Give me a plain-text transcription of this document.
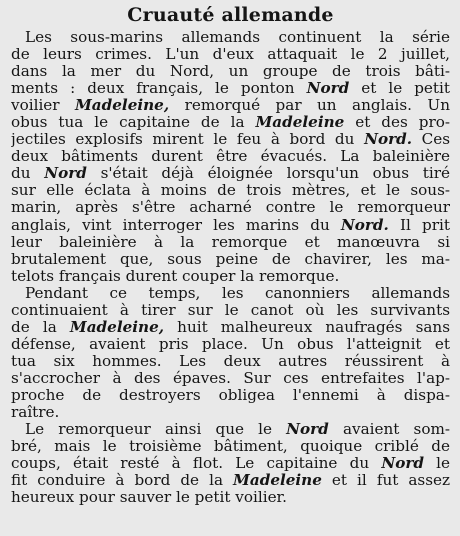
Cruauté allemande
Les sous-marins allemands continuent la série
de leurs crimes. L'un d'eux attaquait le 2 juillet,
dans la mer du Nord, un groupe de trois bâti-
ments : deux français, le ponton Nord et le petit
voilier Madeleine, remorqué par un anglais. Un
obus tua le capitaine de la Madeleine et des pro-
jectiles explosifs mirent le feu à bord du Nord. Ces
deux bâtiments durent être évacués. La baleinière
du Nord s'était déjà éloignée lorsqu'un obus tiré
sur elle éclata à moins de trois mètres, et le sous-
marin, après s'être acharné contre le remorqueur
anglais, vint interroger les marins du Nord. Il prit
leur baleinière à la remorque et manœuvra si
brutalement que, sous peine de chavirer, les ma-
telots français durent couper la remorque.
Pendant ce temps, les canonniers allemands
continuaient à tirer sur le canot où les survivants
de la Madeleine, huit malheureux naufragés sans
défense, avaient pris place. Un obus l'atteignit et
tua six hommes. Les deux autres réussirent à
s'accrocher à des épaves. Sur ces entrefaites l'ap-
proche de destroyers obligea l'ennemi à dispa-
raître.
Le remorqueur ainsi que le Nord avaient som-
bré, mais le troisième bâtiment, quoique criblé de
coups, était resté à flot. Le capitaine du Nord le
fit conduire à bord de la Madeleine et il fut assez
heureux pour sauver le petit voilier.
